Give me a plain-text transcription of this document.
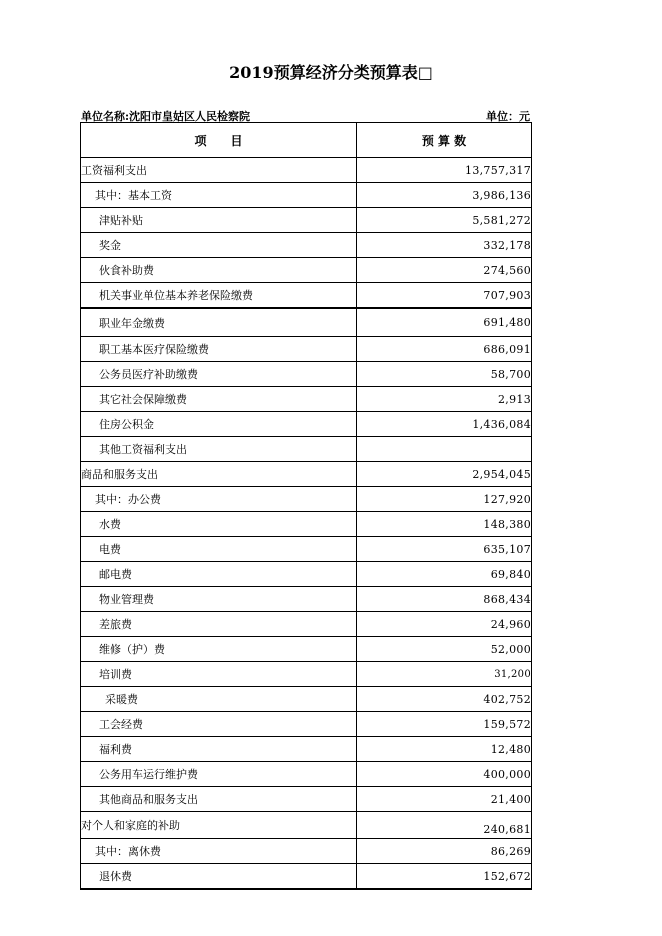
2019预算经济分类预算表□
单位名称:沈阳市皇姑区人民检察院	单位：元
项　　目	预 算 数
工资福利支出	13,757,317
其中：基本工资	3,986,136
津贴补贴	5,581,272
奖金	332,178
伙食补助费	274,560
机关事业单位基本养老保险缴费	707,903
职业年金缴费	691,480
职工基本医疗保险缴费	686,091
公务员医疗补助缴费	58,700
其它社会保障缴费	2,913
住房公积金	1,436,084
其他工资福利支出	
商品和服务支出	2,954,045
其中：办公费	127,920
水费	148,380
电费	635,107
邮电费	69,840
物业管理费	868,434
差旅费	24,960
维修（护）费	52,000
培训费	31,200
采暖费	402,752
工会经费	159,572
福利费	12,480
公务用车运行维护费	400,000
其他商品和服务支出	21,400
对个人和家庭的补助	240,681
其中：离休费	86,269
退休费	152,672
